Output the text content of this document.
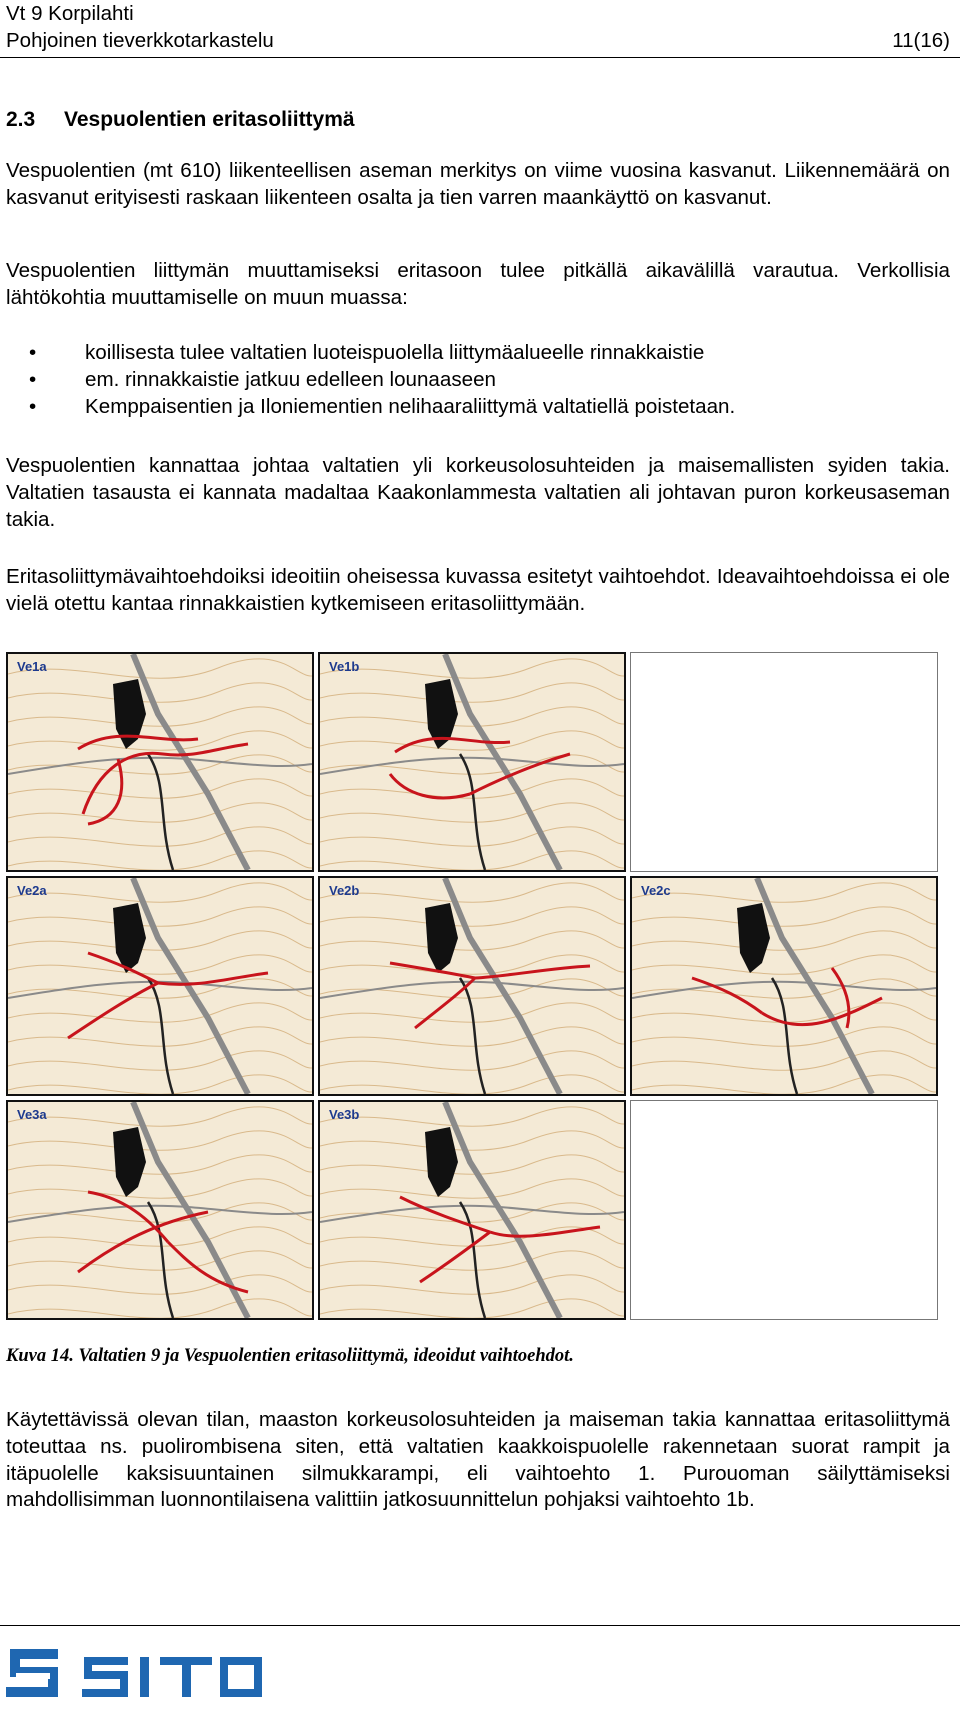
Vt 9 Korpilahti
Pohjoinen tieverkkotarkastelu	11(16)
2.3 Vespuolentien eritasoliittymä
Vespuolentien (mt 610) liikenteellisen aseman merkitys on viime vuosina kasvanut. Liikennemäärä on kasvanut erityisesti raskaan liikenteen osalta ja tien varren maankäyttö on kasvanut.
Vespuolentien liittymän muuttamiseksi eritasoon tulee pitkällä aikavälillä varautua. Verkollisia lähtökohtia muuttamiselle on muun muassa:
• koillisesta tulee valtatien luoteispuolella liittymäalueelle rinnakkaistie
• em. rinnakkaistie jatkuu edelleen lounaaseen
• Kemppaisentien ja Iloniementien nelihaaraliittymä valtatiellä poistetaan.
Vespuolentien kannattaa johtaa valtatien yli korkeusolosuhteiden ja maisemallisten syiden takia. Valtatien tasausta ei kannata madaltaa Kaakonlammesta valtatien ali johtavan puron korkeusaseman takia.
Eritasoliittymävaihtoehdoiksi ideoitiin oheisessa kuvassa esitetyt vaihtoehdot. Ideavaihtoehdoissa ei ole vielä otettu kantaa rinnakkaistien kytkemiseen eritasoliittymään.
Ve1a	Ve1b
Ve2a	Ve2b	Ve2c
Ve3a	Ve3b
Kuva 14. Valtatien 9 ja Vespuolentien eritasoliittymä, ideoidut vaihtoehdot.
Käytettävissä olevan tilan, maaston korkeusolosuhteiden ja maiseman takia kannattaa eritasoliittymä toteuttaa ns. puolirombisena siten, että valtatien kaakkoispuolelle rakennetaan suorat rampit ja itäpuolelle kaksisuuntainen silmukkarampi, eli vaihtoehto 1. Purouoman säilyttämiseksi mahdollisimman luonnontilaisena valittiin jatkosuunnittelun pohjaksi vaihtoehto 1b.
